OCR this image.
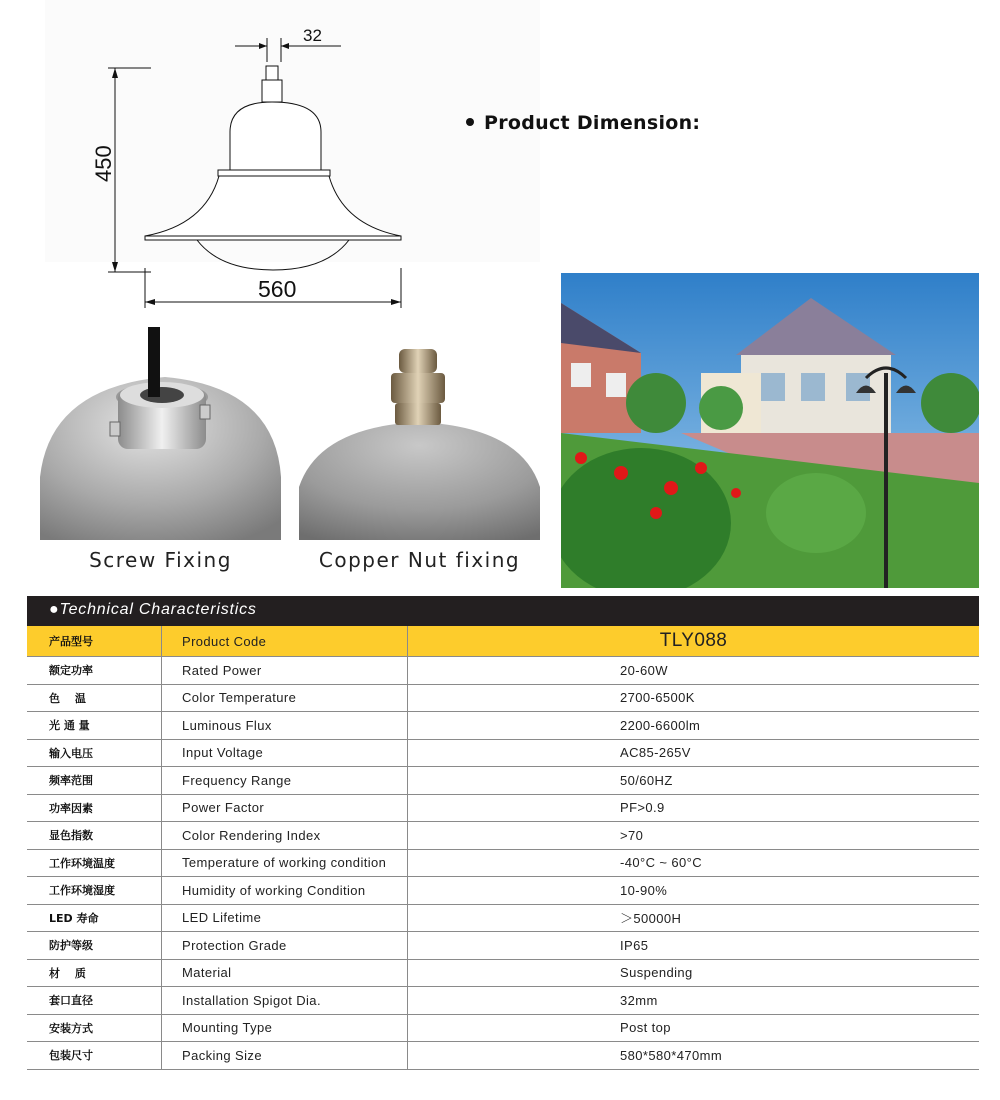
32
450
560
Product Dimension:
Screw Fixing	Copper Nut fixing
●Technical Characteristics
产品型号	Product Code	TLY088
额定功率	Rated Power	20-60W
色　 温	Color Temperature	2700-6500K
光 通 量	Luminous Flux	2200-6600lm
输入电压	Input Voltage	AC85-265V
频率范围	Frequency Range	50/60HZ
功率因素	Power Factor	PF>0.9
显色指数	Color Rendering Index	>70
工作环境温度	Temperature of working condition	-40°C ~ 60°C
工作环境湿度	Humidity of working Condition	10-90%
LED 寿命	LED Lifetime	＞50000H
防护等级	Protection Grade	IP65
材　 质	Material	Suspending
套口直径	Installation Spigot Dia.	32mm
安装方式	Mounting Type	Post top
包装尺寸	Packing Size	580*580*470mm
